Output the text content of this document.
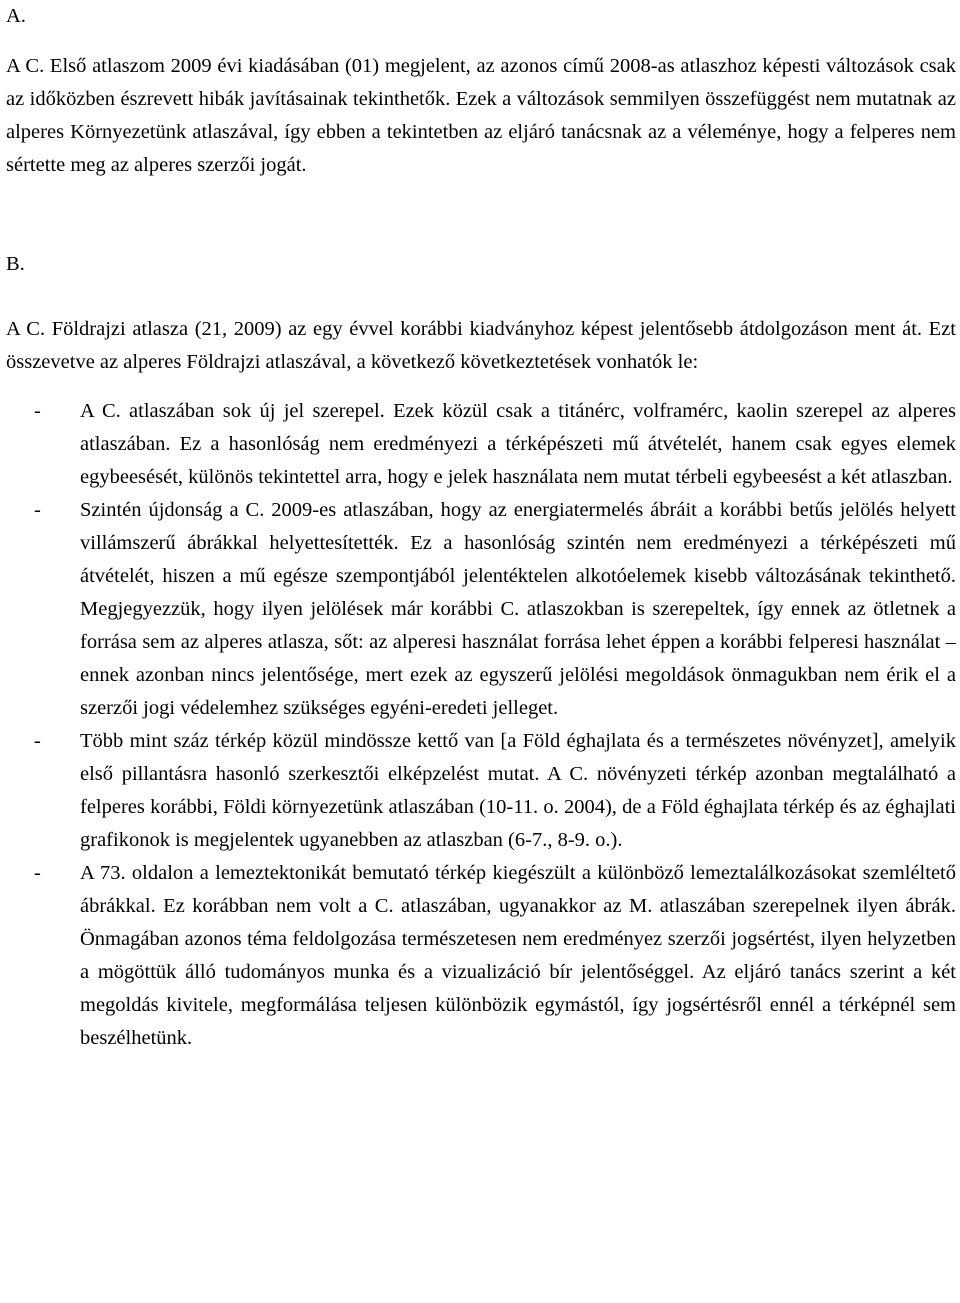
A.

A C. Első atlaszom 2009 évi kiadásában (01) megjelent, az azonos című 2008-as atlaszhoz képesti változások csak az időközben észrevett hibák javításainak tekinthetők. Ezek a változások semmilyen összefüggést nem mutatnak az alperes Környezetünk atlaszával, így ebben a tekintetben az eljáró tanácsnak az a véleménye, hogy a felperes nem sértette meg az alperes szerzői jogát.

B.

A C. Földrajzi atlasza (21, 2009) az egy évvel korábbi kiadványhoz képest jelentősebb átdolgozáson ment át. Ezt összevetve az alperes Földrajzi atlaszával, a következő következtetések vonhatók le:

- A C. atlaszában sok új jel szerepel. Ezek közül csak a titánérc, volframérc, kaolin szerepel az alperes atlaszában. Ez a hasonlóság nem eredményezi a térképészeti mű átvételét, hanem csak egyes elemek egybeesését, különös tekintettel arra, hogy e jelek használata nem mutat térbeli egybeesést a két atlaszban.
- Szintén újdonság a C. 2009-es atlaszában, hogy az energiatermelés ábráit a korábbi betűs jelölés helyett villámszerű ábrákkal helyettesítették. Ez a hasonlóság szintén nem eredményezi a térképészeti mű átvételét, hiszen a mű egésze szempontjából jelentéktelen alkotóelemek kisebb változásának tekinthető. Megjegyezzük, hogy ilyen jelölések már korábbi C. atlaszokban is szerepeltek, így ennek az ötletnek a forrása sem az alperes atlasza, sőt: az alperesi használat forrása lehet éppen a korábbi felperesi használat – ennek azonban nincs jelentősége, mert ezek az egyszerű jelölési megoldások önmagukban nem érik el a szerzői jogi védelemhez szükséges egyéni-eredeti jelleget.
- Több mint száz térkép közül mindössze kettő van [a Föld éghajlata és a természetes növényzet], amelyik első pillantásra hasonló szerkesztői elképzelést mutat. A C. növényzeti térkép azonban megtalálható a felperes korábbi, Földi környezetünk atlaszában (10-11. o. 2004), de a Föld éghajlata térkép és az éghajlati grafikonok is megjelentek ugyanebben az atlaszban (6-7., 8-9. o.).
- A 73. oldalon a lemeztektonikát bemutató térkép kiegészült a különböző lemeztalálkozásokat szemléltető ábrákkal. Ez korábban nem volt a C. atlaszában, ugyanakkor az M. atlaszában szerepelnek ilyen ábrák. Önmagában azonos téma feldolgozása természetesen nem eredményez szerzői jogsértést, ilyen helyzetben a mögöttük álló tudományos munka és a vizualizáció bír jelentőséggel. Az eljáró tanács szerint a két megoldás kivitele, megformálása teljesen különbözik egymástól, így jogsértésről ennél a térképnél sem beszélhetünk.
